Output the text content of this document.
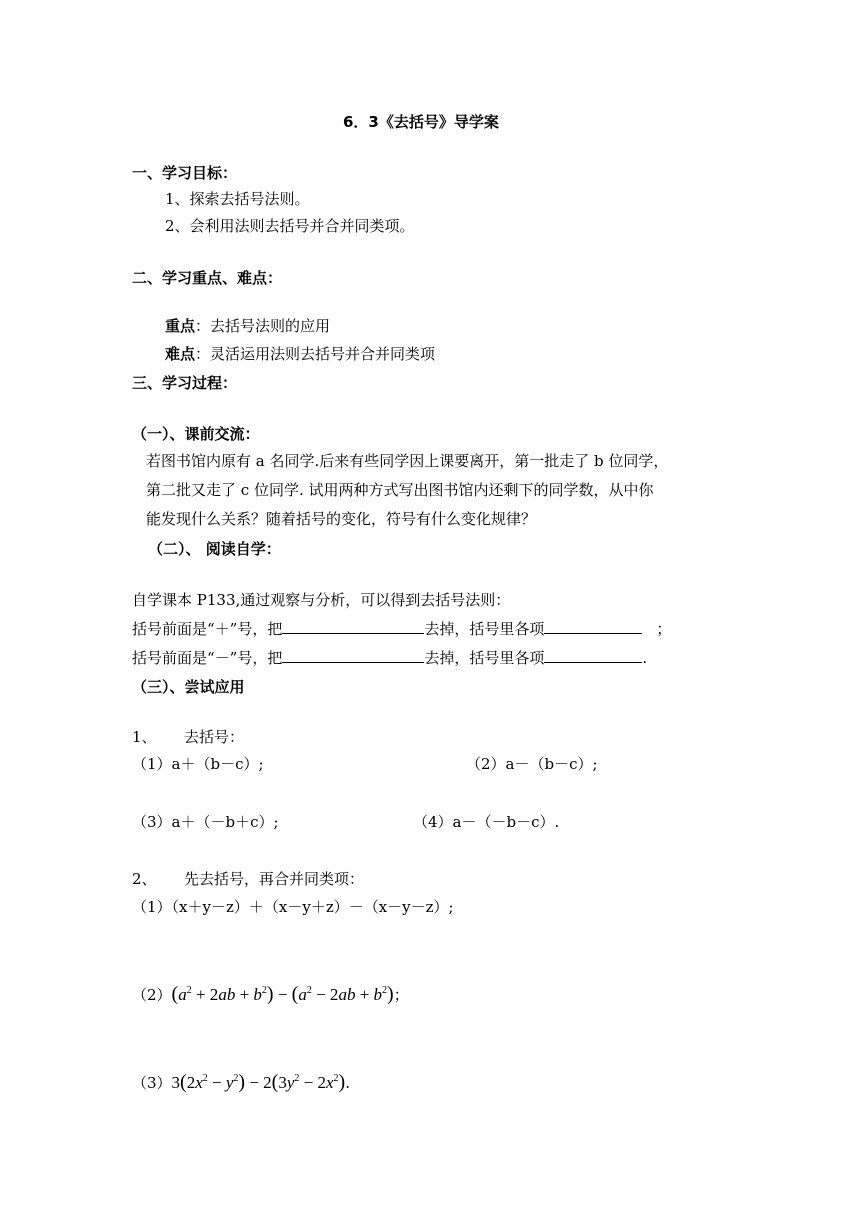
6．3《去括号》导学案
一、学习目标：
1、探索去括号法则。
2、会利用法则去括号并合并同类项。
二、学习重点、难点：
重点：去括号法则的应用
难点：灵活运用法则去括号并合并同类项
三、学习过程：
（一）、课前交流：
若图书馆内原有 a 名同学.后来有些同学因上课要离开，第一批走了 b 位同学，
第二批又走了 c 位同学. 试用两种方式写出图书馆内还剩下的同学数，从中你
能发现什么关系？随着括号的变化，符号有什么变化规律？
（二）、 阅读自学：
自学课本 P133,通过观察与分析，可以得到去括号法则：
括号前面是“＋”号，把	去掉，括号里各项	；
括号前面是“－”号，把	去掉，括号里各项	.
（三）、尝试应用
1、 去括号：
（1）a＋（b－c）;	（2）a－（b－c）;
（3）a＋（－b＋c）;	（4）a－（－b－c）.
2、 先去括号，再合并同类项：
（1）（x＋y－z）＋（x－y＋z）－（x－y－z）;
$(2)(a^2 + 2ab + b^2) - (a^2 - 2ab + b^2)$；
$(3)3(2x^2 - y^2) - 2(3y^2 - 2x^2)$.
